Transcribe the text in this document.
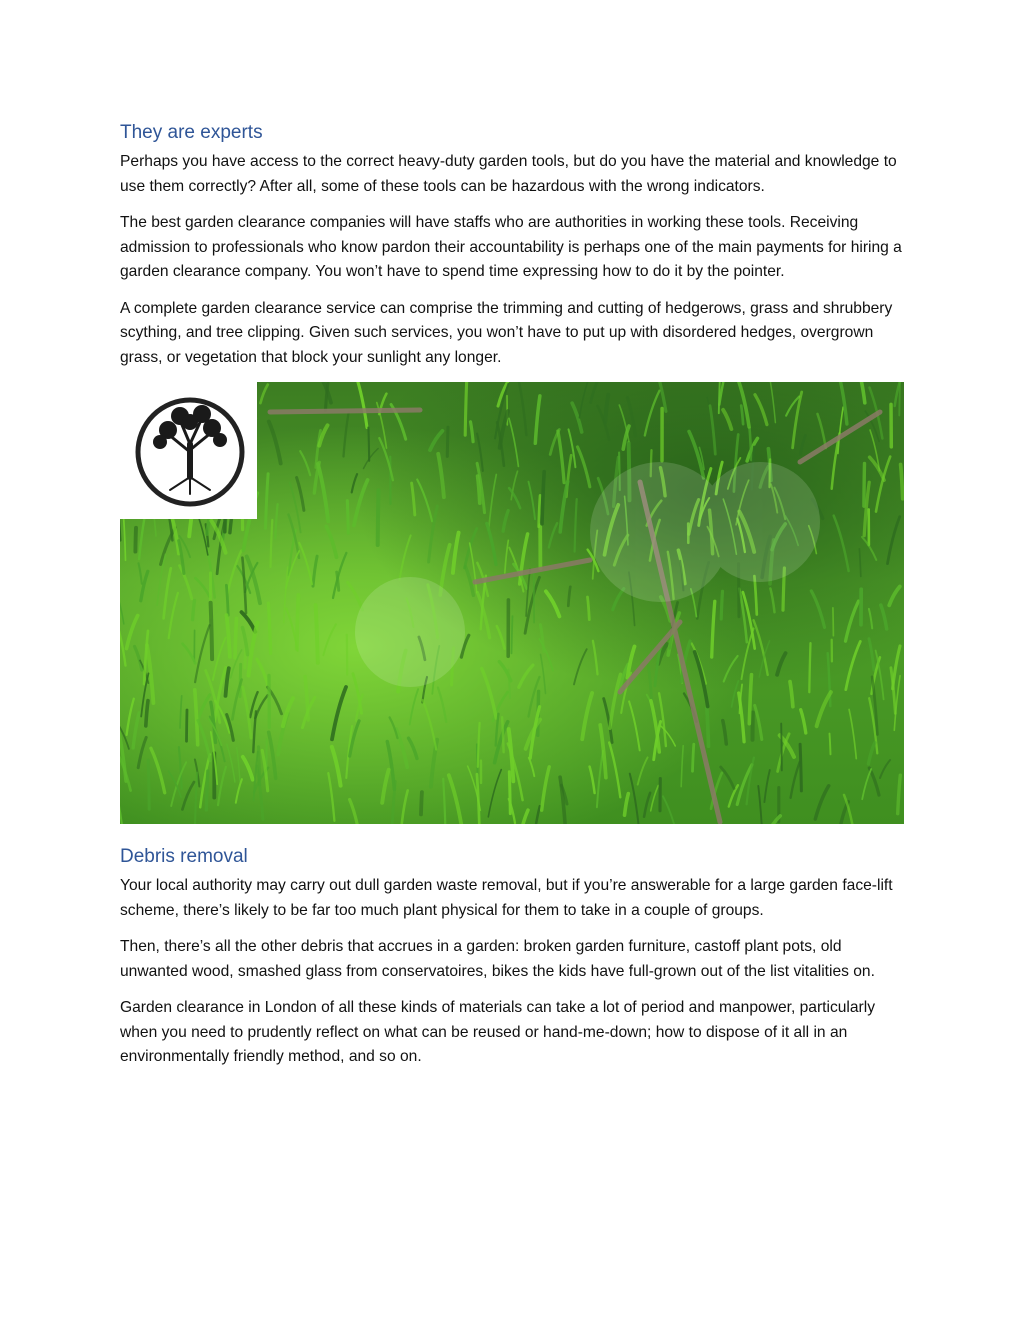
They are experts

Perhaps you have access to the correct heavy-duty garden tools, but do you have the material and knowledge to use them correctly? After all, some of these tools can be hazardous with the wrong indicators.

The best garden clearance companies will have staffs who are authorities in working these tools. Receiving admission to professionals who know pardon their accountability is perhaps one of the main payments for hiring a garden clearance company. You won’t have to spend time expressing how to do it by the pointer.

A complete garden clearance service can comprise the trimming and cutting of hedgerows, grass and shrubbery scything, and tree clipping. Given such services, you won’t have to put up with disordered hedges, overgrown grass, or vegetation that block your sunlight any longer.

Debris removal

Your local authority may carry out dull garden waste removal, but if you’re answerable for a large garden face-lift scheme, there’s likely to be far too much plant physical for them to take in a couple of groups.

Then, there’s all the other debris that accrues in a garden: broken garden furniture, castoff plant pots, old unwanted wood, smashed glass from conservatoires, bikes the kids have full-grown out of the list vitalities on.

Garden clearance in London of all these kinds of materials can take a lot of period and manpower, particularly when you need to prudently reflect on what can be reused or hand-me-down; how to dispose of it all in an environmentally friendly method, and so on.
